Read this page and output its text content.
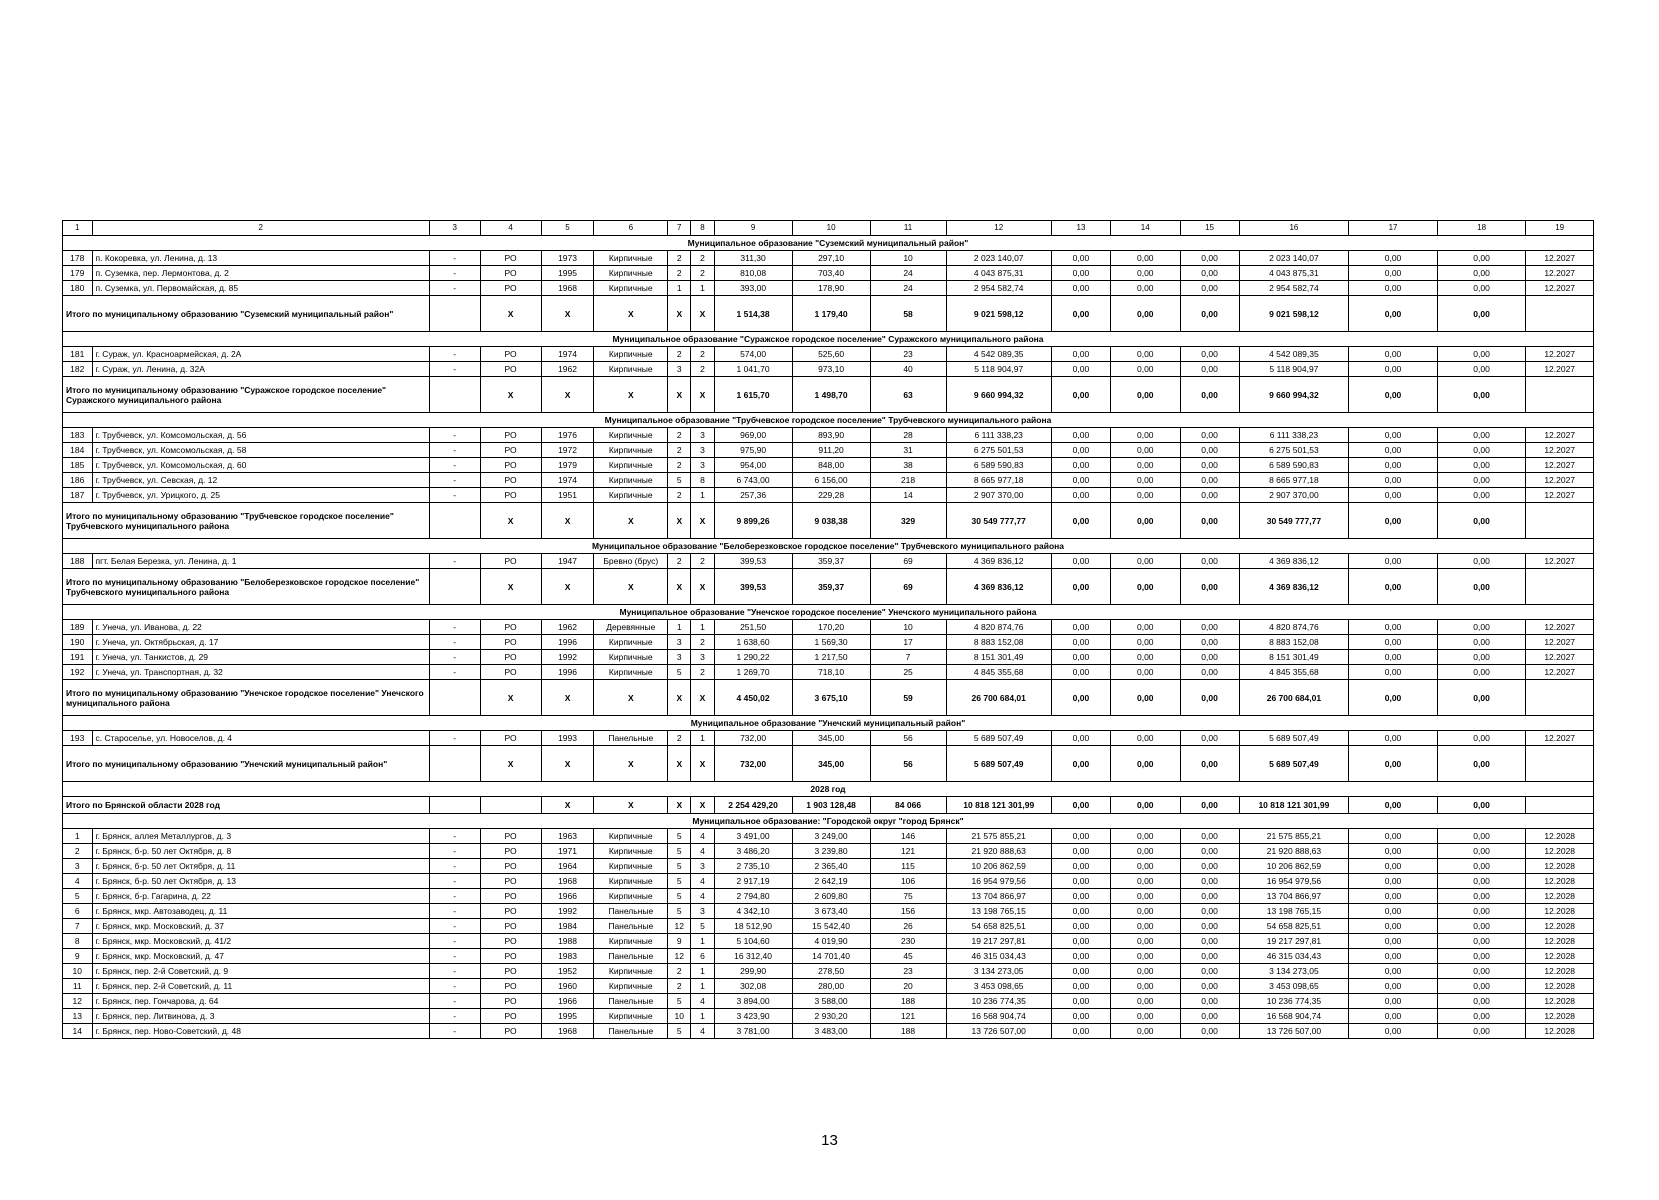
1	2	3	4	5	6	7	8	9	10	11	12	13	14	15	16	17	18	19
Муниципальное образование "Суземский муниципальный район"																		
178	п. Кокоревка, ул. Ленина, д. 13	-	РО	1973	Кирпичные	2	2	311,30	297,10	10	2 023 140,07	0,00	0,00	0,00	2 023 140,07	0,00	0,00	12.2027
179	п. Суземка, пер. Лермонтова, д. 2	-	РО	1995	Кирпичные	2	2	810,08	703,40	24	4 043 875,31	0,00	0,00	0,00	4 043 875,31	0,00	0,00	12.2027
180	п. Суземка, ул. Первомайская, д. 85	-	РО	1968	Кирпичные	1	1	393,00	178,90	24	2 954 582,74	0,00	0,00	0,00	2 954 582,74	0,00	0,00	12.2027
Итого по муниципальному образованию "Суземский муниципальный район"			X	X	X	X	X	1 514,38	1 179,40	58	9 021 598,12	0,00	0,00	0,00	9 021 598,12	0,00	0,00	
Муниципальное образование "Суражское городское поселение" Суражского муниципального района																		
181	г. Сураж, ул. Красноармейская, д. 2А	-	РО	1974	Кирпичные	2	2	574,00	525,60	23	4 542 089,35	0,00	0,00	0,00	4 542 089,35	0,00	0,00	12.2027
182	г. Сураж, ул. Ленина, д. 32А	-	РО	1962	Кирпичные	3	2	1 041,70	973,10	40	5 118 904,97	0,00	0,00	0,00	5 118 904,97	0,00	0,00	12.2027
Итого по муниципальному образованию "Суражское городское поселение" Суражского муниципального района			X	X	X	X	X	1 615,70	1 498,70	63	9 660 994,32	0,00	0,00	0,00	9 660 994,32	0,00	0,00	
Муниципальное образование "Трубчевское городское поселение" Трубчевского муниципального района																		
183	г. Трубчевск, ул. Комсомольская, д. 56	-	РО	1976	Кирпичные	2	3	969,00	893,90	28	6 111 338,23	0,00	0,00	0,00	6 111 338,23	0,00	0,00	12.2027
184	г. Трубчевск, ул. Комсомольская, д. 58	-	РО	1972	Кирпичные	2	3	975,90	911,20	31	6 275 501,53	0,00	0,00	0,00	6 275 501,53	0,00	0,00	12.2027
185	г. Трубчевск, ул. Комсомольская, д. 60	-	РО	1979	Кирпичные	2	3	954,00	848,00	38	6 589 590,83	0,00	0,00	0,00	6 589 590,83	0,00	0,00	12.2027
186	г. Трубчевск, ул. Севская, д. 12	-	РО	1974	Кирпичные	5	8	6 743,00	6 156,00	218	8 665 977,18	0,00	0,00	0,00	8 665 977,18	0,00	0,00	12.2027
187	г. Трубчевск, ул. Урицкого, д. 25	-	РО	1951	Кирпичные	2	1	257,36	229,28	14	2 907 370,00	0,00	0,00	0,00	2 907 370,00	0,00	0,00	12.2027
Итого по муниципальному образованию "Трубчевское городское поселение" Трубчевского муниципального района			X	X	X	X	X	9 899,26	9 038,38	329	30 549 777,77	0,00	0,00	0,00	30 549 777,77	0,00	0,00	
Муниципальное образование "Белоберезковское городское поселение" Трубчевского муниципального района																		
188	пгт. Белая Березка, ул. Ленина, д. 1	-	РО	1947	Бревно (брус)	2	2	399,53	359,37	69	4 369 836,12	0,00	0,00	0,00	4 369 836,12	0,00	0,00	12.2027
Итого по муниципальному образованию "Белоберезковское городское поселение" Трубчевского муниципального района			X	X	X	X	X	399,53	359,37	69	4 369 836,12	0,00	0,00	0,00	4 369 836,12	0,00	0,00	
Муниципальное образование "Унечское городское поселение" Унечского муниципального района																		
189	г. Унеча, ул. Иванова, д. 22	-	РО	1962	Деревянные	1	1	251,50	170,20	10	4 820 874,76	0,00	0,00	0,00	4 820 874,76	0,00	0,00	12.2027
190	г. Унеча, ул. Октябрьская, д. 17	-	РО	1996	Кирпичные	3	2	1 638,60	1 569,30	17	8 883 152,08	0,00	0,00	0,00	8 883 152,08	0,00	0,00	12.2027
191	г. Унеча, ул. Танкистов, д. 29	-	РО	1992	Кирпичные	3	3	1 290,22	1 217,50	7	8 151 301,49	0,00	0,00	0,00	8 151 301,49	0,00	0,00	12.2027
192	г. Унеча, ул. Транспортная, д. 32	-	РО	1996	Кирпичные	5	2	1 269,70	718,10	25	4 845 355,68	0,00	0,00	0,00	4 845 355,68	0,00	0,00	12.2027
Итого по муниципальному образованию "Унечское городское поселение" Унечского муниципального района			X	X	X	X	X	4 450,02	3 675,10	59	26 700 684,01	0,00	0,00	0,00	26 700 684,01	0,00	0,00	
Муниципальное образование "Унечский муниципальный район"																		
193	с. Староселье, ул. Новоселов, д. 4	-	РО	1993	Панельные	2	1	732,00	345,00	56	5 689 507,49	0,00	0,00	0,00	5 689 507,49	0,00	0,00	12.2027
Итого по муниципальному образованию "Унечский муниципальный район"			X	X	X	X	X	732,00	345,00	56	5 689 507,49	0,00	0,00	0,00	5 689 507,49	0,00	0,00	
2028 год																		
Итого по Брянской области 2028 год				X	X	X	X	2 254 429,20	1 903 128,48	84 066	10 818 121 301,99	0,00	0,00	0,00	10 818 121 301,99	0,00	0,00	
Муниципальное образование: "Городской округ "город Брянск"																		
1	г. Брянск, аллея Металлургов, д. 3	-	РО	1963	Кирпичные	5	4	3 491,00	3 249,00	146	21 575 855,21	0,00	0,00	0,00	21 575 855,21	0,00	0,00	12.2028
2	г. Брянск, б-р. 50 лет Октября, д. 8	-	РО	1971	Кирпичные	5	4	3 486,20	3 239,80	121	21 920 888,63	0,00	0,00	0,00	21 920 888,63	0,00	0,00	12.2028
3	г. Брянск, б-р. 50 лет Октября, д. 11	-	РО	1964	Кирпичные	5	3	2 735,10	2 365,40	115	10 206 862,59	0,00	0,00	0,00	10 206 862,59	0,00	0,00	12.2028
4	г. Брянск, б-р. 50 лет Октября, д. 13	-	РО	1968	Кирпичные	5	4	2 917,19	2 642,19	106	16 954 979,56	0,00	0,00	0,00	16 954 979,56	0,00	0,00	12.2028
5	г. Брянск, б-р. Гагарина, д. 22	-	РО	1966	Кирпичные	5	4	2 794,80	2 609,80	75	13 704 866,97	0,00	0,00	0,00	13 704 866,97	0,00	0,00	12.2028
6	г. Брянск, мкр. Автозаводец, д. 11	-	РО	1992	Панельные	5	3	4 342,10	3 673,40	156	13 198 765,15	0,00	0,00	0,00	13 198 765,15	0,00	0,00	12.2028
7	г. Брянск, мкр. Московский, д. 37	-	РО	1984	Панельные	12	5	18 512,90	15 542,40	26	54 658 825,51	0,00	0,00	0,00	54 658 825,51	0,00	0,00	12.2028
8	г. Брянск, мкр. Московский, д. 41/2	-	РО	1988	Кирпичные	9	1	5 104,60	4 019,90	230	19 217 297,81	0,00	0,00	0,00	19 217 297,81	0,00	0,00	12.2028
9	г. Брянск, мкр. Московский, д. 47	-	РО	1983	Панельные	12	6	16 312,40	14 701,40	45	46 315 034,43	0,00	0,00	0,00	46 315 034,43	0,00	0,00	12.2028
10	г. Брянск, пер. 2-й Советский, д. 9	-	РО	1952	Кирпичные	2	1	299,90	278,50	23	3 134 273,05	0,00	0,00	0,00	3 134 273,05	0,00	0,00	12.2028
11	г. Брянск, пер. 2-й Советский, д. 11	-	РО	1960	Кирпичные	2	1	302,08	280,00	20	3 453 098,65	0,00	0,00	0,00	3 453 098,65	0,00	0,00	12.2028
12	г. Брянск, пер. Гончарова, д. 64	-	РО	1966	Панельные	5	4	3 894,00	3 588,00	188	10 236 774,35	0,00	0,00	0,00	10 236 774,35	0,00	0,00	12.2028
13	г. Брянск, пер. Литвинова, д. 3	-	РО	1995	Кирпичные	10	1	3 423,90	2 930,20	121	16 568 904,74	0,00	0,00	0,00	16 568 904,74	0,00	0,00	12.2028
14	г. Брянск, пер. Ново-Советский, д. 48	-	РО	1968	Панельные	5	4	3 781,00	3 483,00	188	13 726 507,00	0,00	0,00	0,00	13 726 507,00	0,00	0,00	12.2028
13
